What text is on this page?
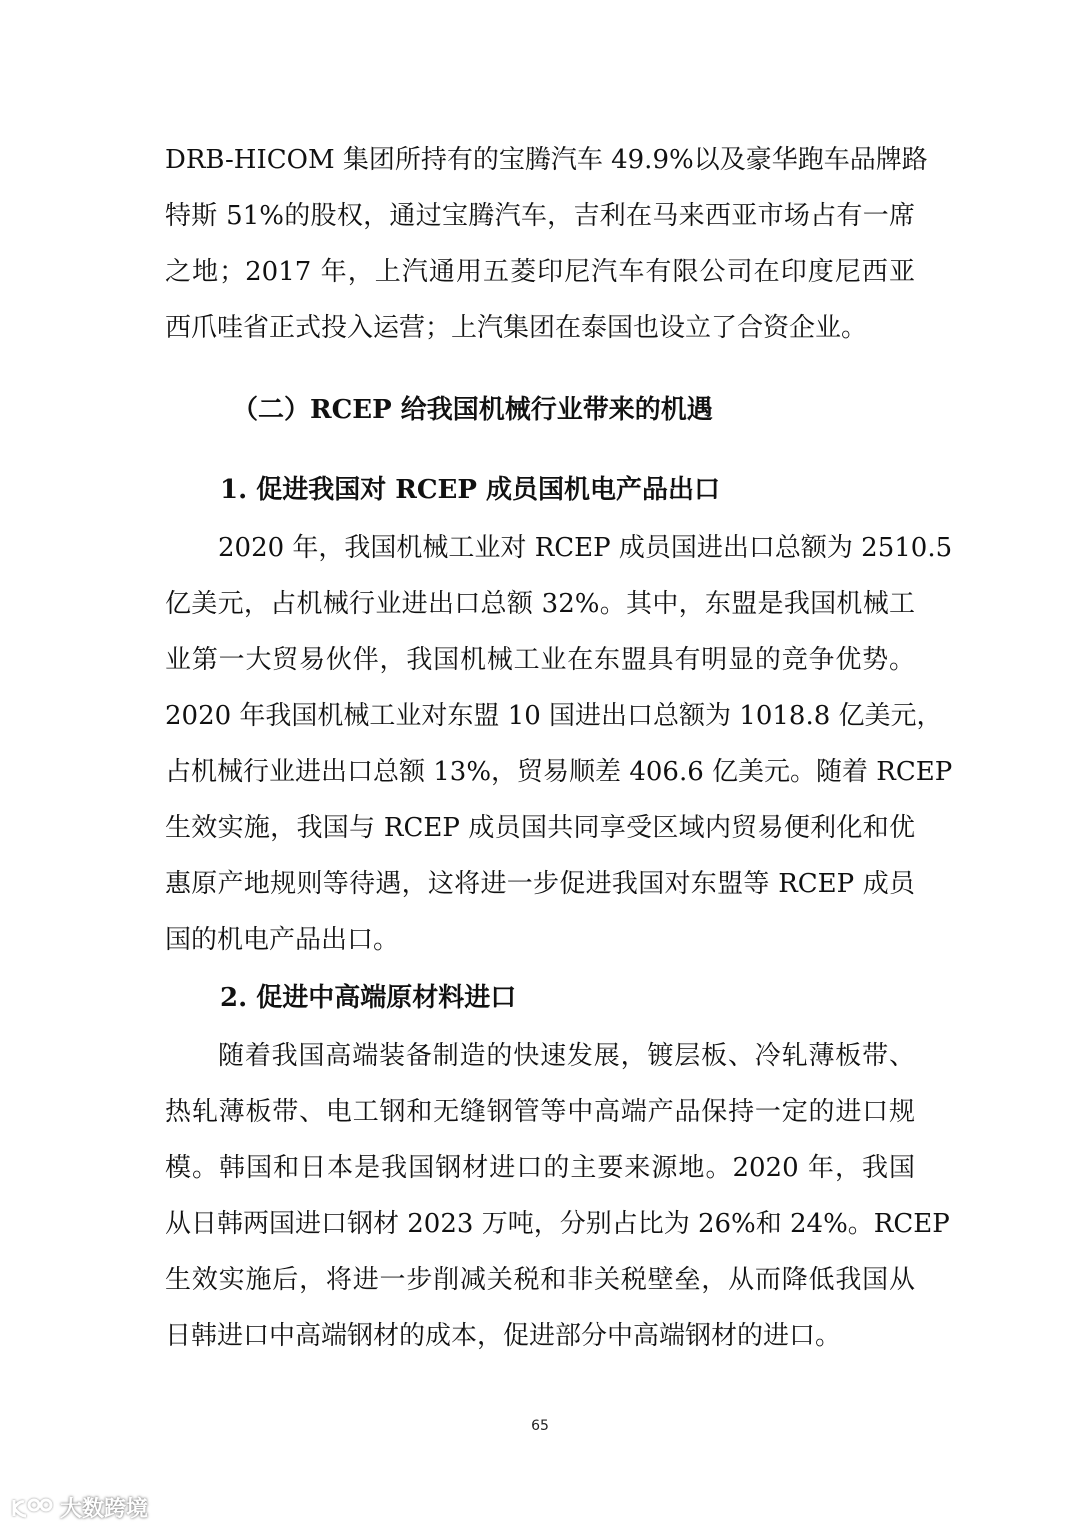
DRB-HICOM 集团所持有的宝腾汽车 49.9%以及豪华跑车品牌路
特斯 51%的股权，通过宝腾汽车，吉利在马来西亚市场占有一席
之地；2017 年，上汽通用五菱印尼汽车有限公司在印度尼西亚
西爪哇省正式投入运营；上汽集团在泰国也设立了合资企业。
（二）RCEP 给我国机械行业带来的机遇
1. 促进我国对 RCEP 成员国机电产品出口
2020 年，我国机械工业对 RCEP 成员国进出口总额为 2510.5
亿美元，占机械行业进出口总额 32%。其中，东盟是我国机械工
业第一大贸易伙伴，我国机械工业在东盟具有明显的竞争优势。
2020 年我国机械工业对东盟 10 国进出口总额为 1018.8 亿美元，
占机械行业进出口总额 13%，贸易顺差 406.6 亿美元。随着 RCEP
生效实施，我国与 RCEP 成员国共同享受区域内贸易便利化和优
惠原产地规则等待遇，这将进一步促进我国对东盟等 RCEP 成员
国的机电产品出口。
2. 促进中高端原材料进口
随着我国高端装备制造的快速发展，镀层板、冷轧薄板带、
热轧薄板带、电工钢和无缝钢管等中高端产品保持一定的进口规
模。韩国和日本是我国钢材进口的主要来源地。2020 年，我国
从日韩两国进口钢材 2023 万吨，分别占比为 26%和 24%。RCEP
生效实施后，将进一步削减关税和非关税壁垒，从而降低我国从
日韩进口中高端钢材的成本，促进部分中高端钢材的进口。
65
大数跨境
